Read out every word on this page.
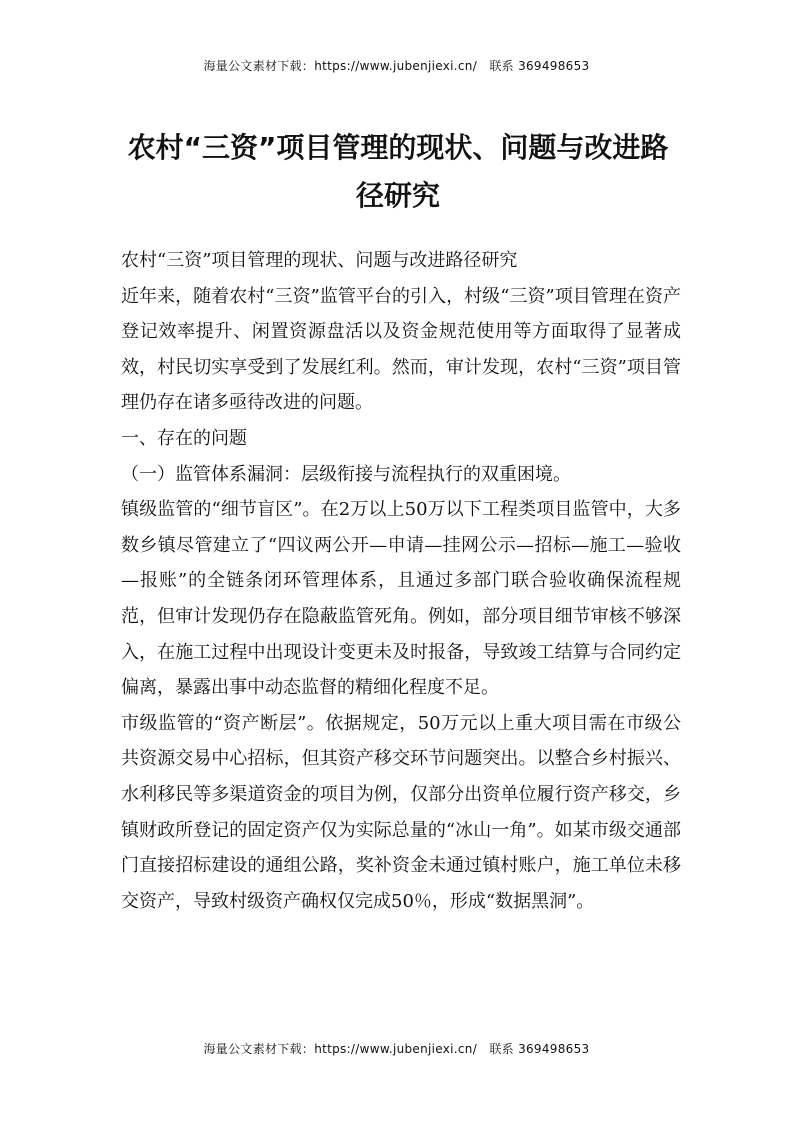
海量公文素材下载：https://www.jubenjiexi.cn/　联系 369498653
农村“三资”项目管理的现状、问题与改进路径研究

农村“三资”项目管理的现状、问题与改进路径研究

近年来，随着农村“三资”监管平台的引入，村级“三资”项目管理在资产登记效率提升、闲置资源盘活以及资金规范使用等方面取得了显著成效，村民切实享受到了发展红利。然而，审计发现，农村“三资”项目管理仍存在诸多亟待改进的问题。

一、存在的问题

（一）监管体系漏洞：层级衔接与流程执行的双重困境。

镇级监管的“细节盲区”。在2万以上50万以下工程类项目监管中，大多数乡镇尽管建立了“四议两公开—申请—挂网公示—招标—施工—验收—报账”的全链条闭环管理体系，且通过多部门联合验收确保流程规范，但审计发现仍存在隐蔽监管死角。例如，部分项目细节审核不够深入，在施工过程中出现设计变更未及时报备，导致竣工结算与合同约定偏离，暴露出事中动态监督的精细化程度不足。

市级监管的“资产断层”。依据规定，50万元以上重大项目需在市级公共资源交易中心招标，但其资产移交环节问题突出。以整合乡村振兴、水利移民等多渠道资金的项目为例，仅部分出资单位履行资产移交，乡镇财政所登记的固定资产仅为实际总量的“冰山一角”。如某市级交通部门直接招标建设的通组公路，奖补资金未通过镇村账户，施工单位未移交资产，导致村级资产确权仅完成50％，形成“数据黑洞”。

海量公文素材下载：https://www.jubenjiexi.cn/　联系 369498653
